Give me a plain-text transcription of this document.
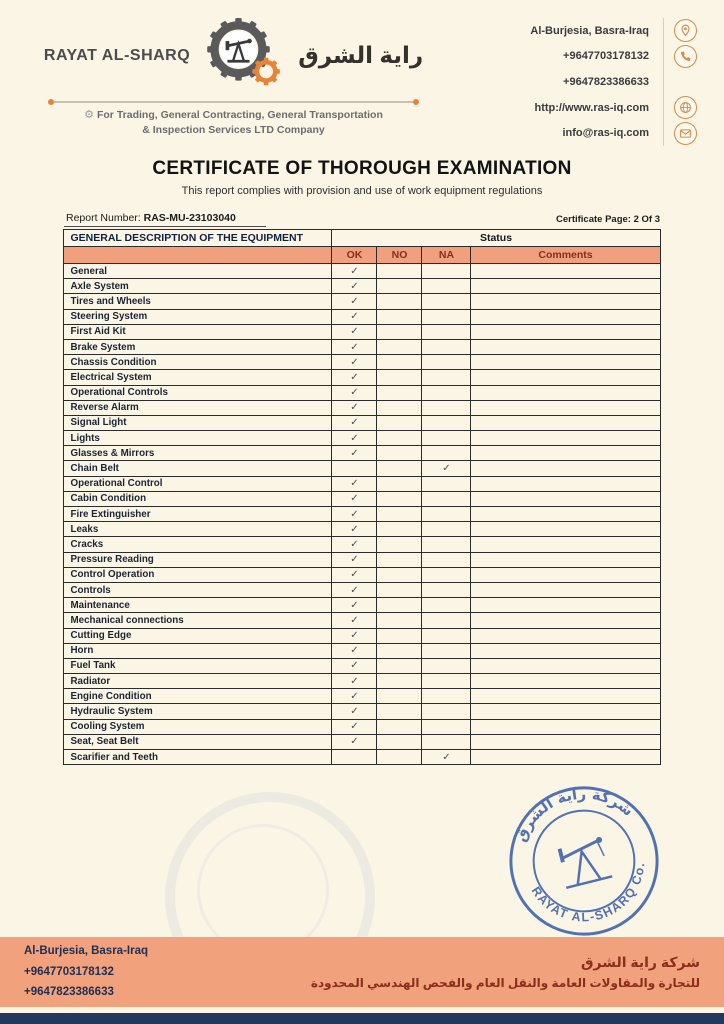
RAYAT AL-SHARQ	راية الشرق
⚙ For Trading, General Contracting, General Transportation
& Inspection Services LTD Company
Al-Burjesia, Basra-Iraq
+9647703178132
+9647823386633
http://www.ras-iq.com
info@ras-iq.com
CERTIFICATE OF THOROUGH EXAMINATION
This report complies with provision and use of work equipment regulations
Report Number: RAS-MU-23103040	Certificate Page: 2 Of 3
GENERAL DESCRIPTION OF THE EQUIPMENT	Status			
	OK	NO	NA	Comments
General	✓			
Axle System	✓			
Tires and Wheels	✓			
Steering System	✓			
First Aid Kit	✓			
Brake System	✓			
Chassis Condition	✓			
Electrical System	✓			
Operational Controls	✓			
Reverse Alarm	✓			
Signal Light	✓			
Lights	✓			
Glasses & Mirrors	✓			
Chain Belt			✓	
Operational Control	✓			
Cabin Condition	✓			
Fire Extinguisher	✓			
Leaks	✓			
Cracks	✓			
Pressure Reading	✓			
Control Operation	✓			
Controls	✓			
Maintenance	✓			
Mechanical connections	✓			
Cutting Edge	✓			
Horn	✓			
Fuel Tank	✓			
Radiator	✓			
Engine Condition	✓			
Hydraulic System	✓			
Cooling System	✓			
Seat, Seat Belt	✓			
Scarifier and Teeth			✓	
شركة راية الشرق
RAYAT AL-SHARQ Co.
Al-Burjesia, Basra-Iraq
+9647703178132
+9647823386633
شركة راية الشرق
للتجارة والمقاولات العامة والنقل العام والفحص الهندسي المحدودة
